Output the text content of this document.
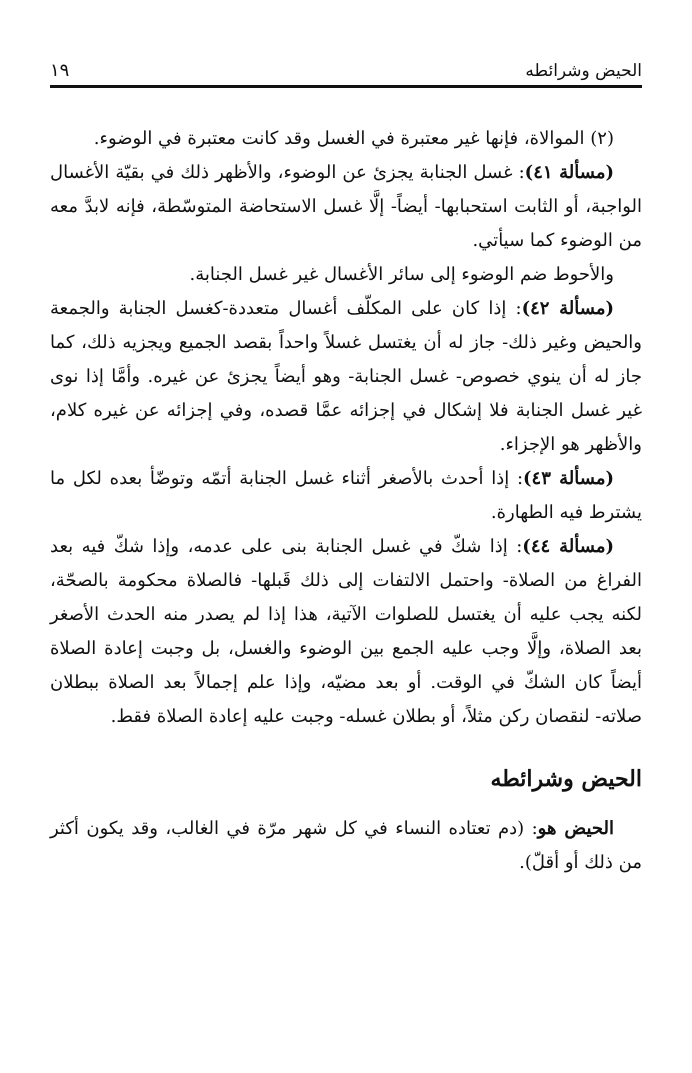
الحيض وشرائطه
١٩

(٢) الموالاة، فإنها غير معتبرة في الغسل وقد كانت معتبرة في الوضوء.

(مسألة ٤١): غسل الجنابة يجزئ عن الوضوء، والأظهر ذلك في بقيّة الأغسال الواجبة، أو الثابت استحبابها- أيضاً- إلَّا غسل الاستحاضة المتوسّطة، فإنه لابدَّ معه من الوضوء كما سيأتي.

والأحوط ضم الوضوء إلى سائر الأغسال غير غسل الجنابة.

(مسألة ٤٢): إذا كان على المكلّف أغسال متعددة-كغسل الجنابة والجمعة والحيض وغير ذلك- جاز له أن يغتسل غسلاً واحداً بقصد الجميع ويجزيه ذلك، كما جاز له أن ينوي خصوص- غسل الجنابة- وهو أيضاً يجزئ عن غيره. وأمَّا إذا نوى غير غسل الجنابة فلا إشكال في إجزائه عمَّا قصده، وفي إجزائه عن غيره كلام، والأظهر هو الإجزاء.

(مسألة ٤٣): إذا أحدث بالأصغر أثناء غسل الجنابة أتمّه وتوضّأ بعده لكل ما يشترط فيه الطهارة.

(مسألة ٤٤): إذا شكّ في غسل الجنابة بنى على عدمه، وإذا شكّ فيه بعد الفراغ من الصلاة- واحتمل الالتفات إلى ذلك قَبلها- فالصلاة محكومة بالصحّة، لكنه يجب عليه أن يغتسل للصلوات الآتية، هذا إذا لم يصدر منه الحدث الأصغر بعد الصلاة، وإلَّا وجب عليه الجمع بين الوضوء والغسل، بل وجبت إعادة الصلاة أيضاً كان الشكّ في الوقت. أو بعد مضيّه، وإذا علم إجمالاً بعد الصلاة ببطلان صلاته- لنقصان ركن مثلاً، أو بطلان غسله- وجبت عليه إعادة الصلاة فقط.

الحيض وشرائطه

الحيض هو: (دم تعتاده النساء في كل شهر مرّة في الغالب، وقد يكون أكثر من ذلك أو أقلّ).
